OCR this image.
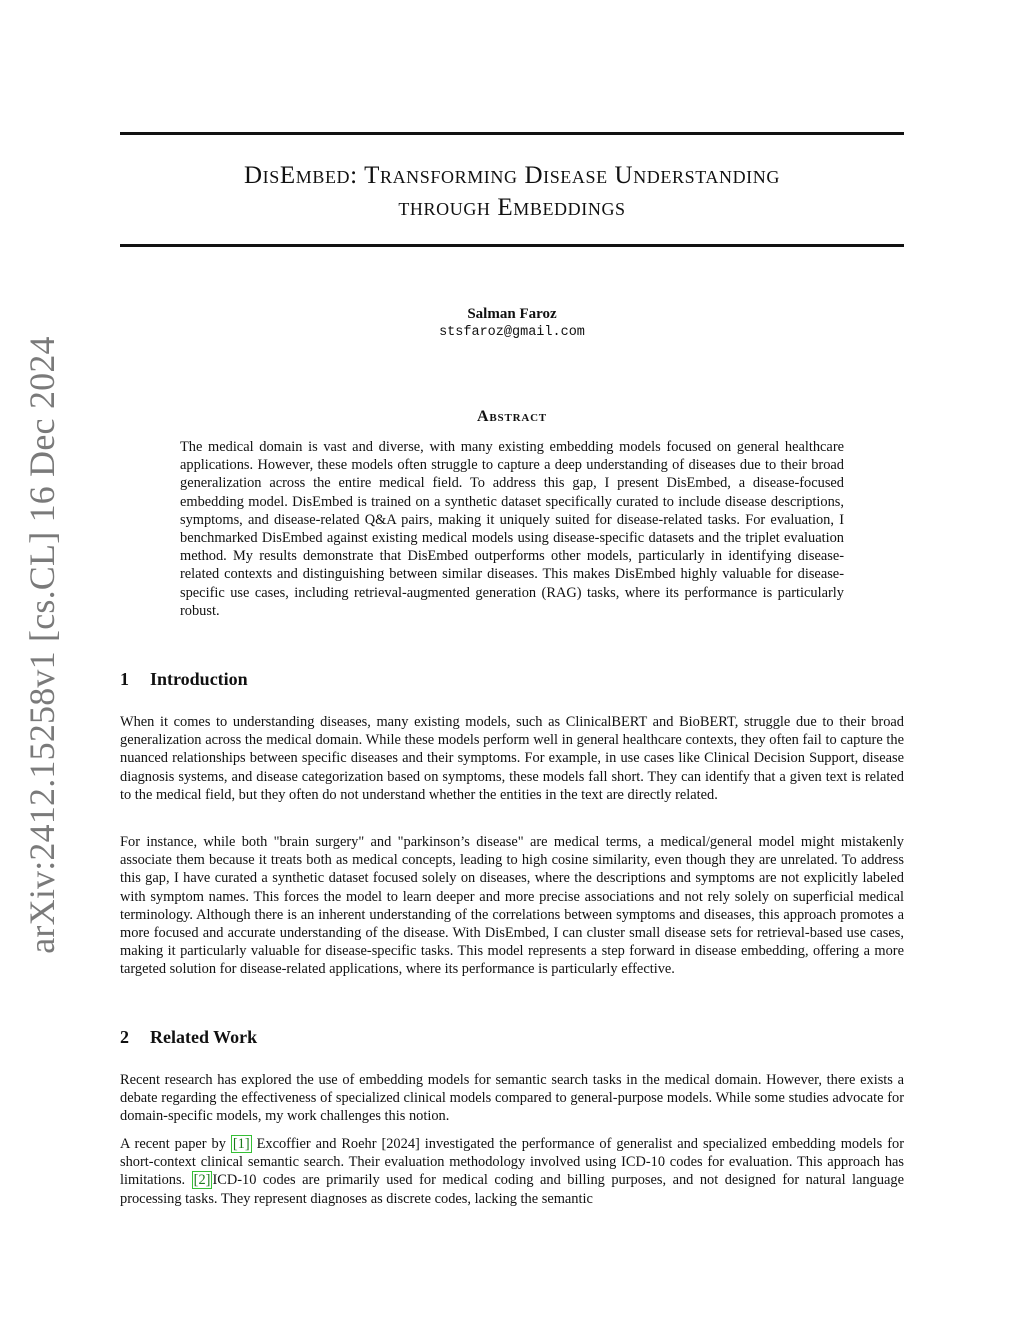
arXiv:2412.15258v1 [cs.CL] 16 Dec 2024
DisEmbed: Transforming Disease Understanding
through Embeddings
Salman Faroz
stsfaroz@gmail.com
Abstract

The medical domain is vast and diverse, with many existing embedding models focused on general healthcare applications. However, these models often struggle to capture a deep understanding of diseases due to their broad generalization across the entire medical field. To address this gap, I present DisEmbed, a disease-focused embedding model. DisEmbed is trained on a synthetic dataset specifically curated to include disease descriptions, symptoms, and disease-related Q&A pairs, making it uniquely suited for disease-related tasks. For evaluation, I benchmarked DisEmbed against existing medical models using disease-specific datasets and the triplet evaluation method. My results demonstrate that DisEmbed outperforms other models, particularly in identifying disease-related contexts and distinguishing between similar diseases. This makes DisEmbed highly valuable for disease-specific use cases, including retrieval-augmented generation (RAG) tasks, where its performance is particularly robust.

1 Introduction

When it comes to understanding diseases, many existing models, such as ClinicalBERT and BioBERT, struggle due to their broad generalization across the medical domain. While these models perform well in general healthcare contexts, they often fail to capture the nuanced relationships between specific diseases and their symptoms. For example, in use cases like Clinical Decision Support, disease diagnosis systems, and disease categorization based on symptoms, these models fall short. They can identify that a given text is related to the medical field, but they often do not understand whether the entities in the text are directly related.

For instance, while both "brain surgery" and "parkinson’s disease" are medical terms, a medical/general model might mistakenly associate them because it treats both as medical concepts, leading to high cosine similarity, even though they are unrelated. To address this gap, I have curated a synthetic dataset focused solely on diseases, where the descriptions and symptoms are not explicitly labeled with symptom names. This forces the model to learn deeper and more precise associations and not rely solely on superficial medical terminology. Although there is an inherent understanding of the correlations between symptoms and diseases, this approach promotes a more focused and accurate understanding of the disease. With DisEmbed, I can cluster small disease sets for retrieval-based use cases, making it particularly valuable for disease-specific tasks. This model represents a step forward in disease embedding, offering a more targeted solution for disease-related applications, where its performance is particularly effective.

2 Related Work

Recent research has explored the use of embedding models for semantic search tasks in the medical domain. However, there exists a debate regarding the effectiveness of specialized clinical models compared to general-purpose models. While some studies advocate for domain-specific models, my work challenges this notion.

A recent paper by [1] Excoffier and Roehr [2024] investigated the performance of generalist and specialized embedding models for short-context clinical semantic search. Their evaluation methodology involved using ICD-10 codes for evaluation. This approach has limitations. [2] ICD-10 codes are primarily used for medical coding and billing purposes, and not designed for natural language processing tasks. They represent diagnoses as discrete codes, lacking the semantic
